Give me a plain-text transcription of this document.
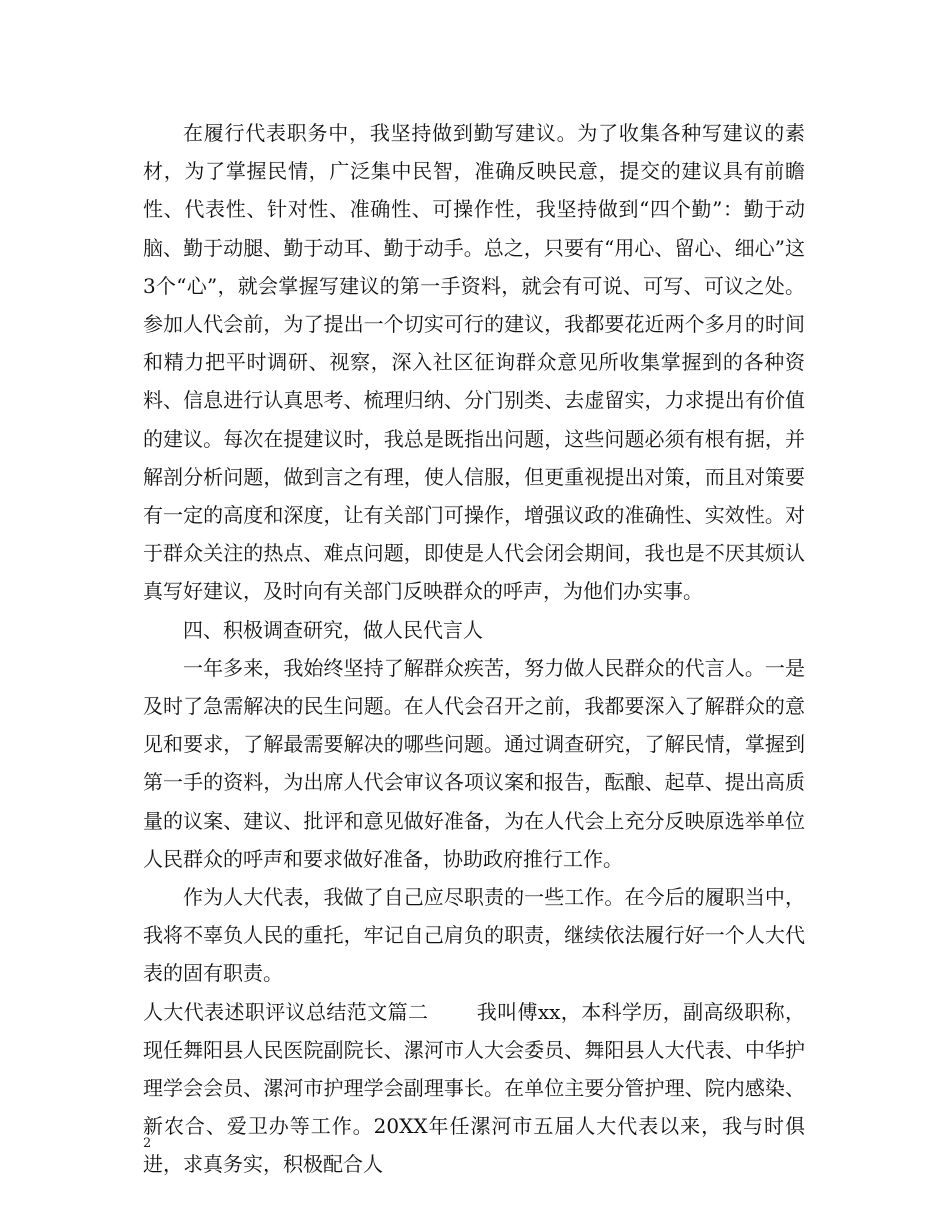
在履行代表职务中，我坚持做到勤写建议。为了收集各种写建议的素材，为了掌握民情，广泛集中民智，准确反映民意，提交的建议具有前瞻性、代表性、针对性、准确性、可操作性，我坚持做到“四个勤”：勤于动脑、勤于动腿、勤于动耳、勤于动手。总之，只要有“用心、留心、细心”这3个“心”，就会掌握写建议的第一手资料，就会有可说、可写、可议之处。参加人代会前，为了提出一个切实可行的建议，我都要花近两个多月的时间和精力把平时调研、视察，深入社区征询群众意见所收集掌握到的各种资料、信息进行认真思考、梳理归纳、分门别类、去虚留实，力求提出有价值的建议。每次在提建议时，我总是既指出问题，这些问题必须有根有据，并解剖分析问题，做到言之有理，使人信服，但更重视提出对策，而且对策要有一定的高度和深度，让有关部门可操作，增强议政的准确性、实效性。对于群众关注的热点、难点问题，即使是人代会闭会期间，我也是不厌其烦认真写好建议，及时向有关部门反映群众的呼声，为他们办实事。

四、积极调查研究，做人民代言人

一年多来，我始终坚持了解群众疾苦，努力做人民群众的代言人。一是及时了急需解决的民生问题。在人代会召开之前，我都要深入了解群众的意见和要求，了解最需要解决的哪些问题。通过调查研究，了解民情，掌握到第一手的资料，为出席人代会审议各项议案和报告，酝酿、起草、提出高质量的议案、建议、批评和意见做好准备，为在人代会上充分反映原选举单位人民群众的呼声和要求做好准备，协助政府推行工作。

作为人大代表，我做了自己应尽职责的一些工作。在今后的履职当中，我将不辜负人民的重托，牢记自己肩负的职责，继续依法履行好一个人大代表的固有职责。

人大代表述职评议总结范文篇二 我叫傅xx，本科学历，副高级职称，现任舞阳县人民医院副院长、漯河市人大会委员、舞阳县人大代表、中华护理学会会员、漯河市护理学会副理事长。在单位主要分管护理、院内感染、新农合、爱卫办等工作。20XX年任漯河市五届人大代表以来，我与时俱进，求真务实，积极配合人

2
